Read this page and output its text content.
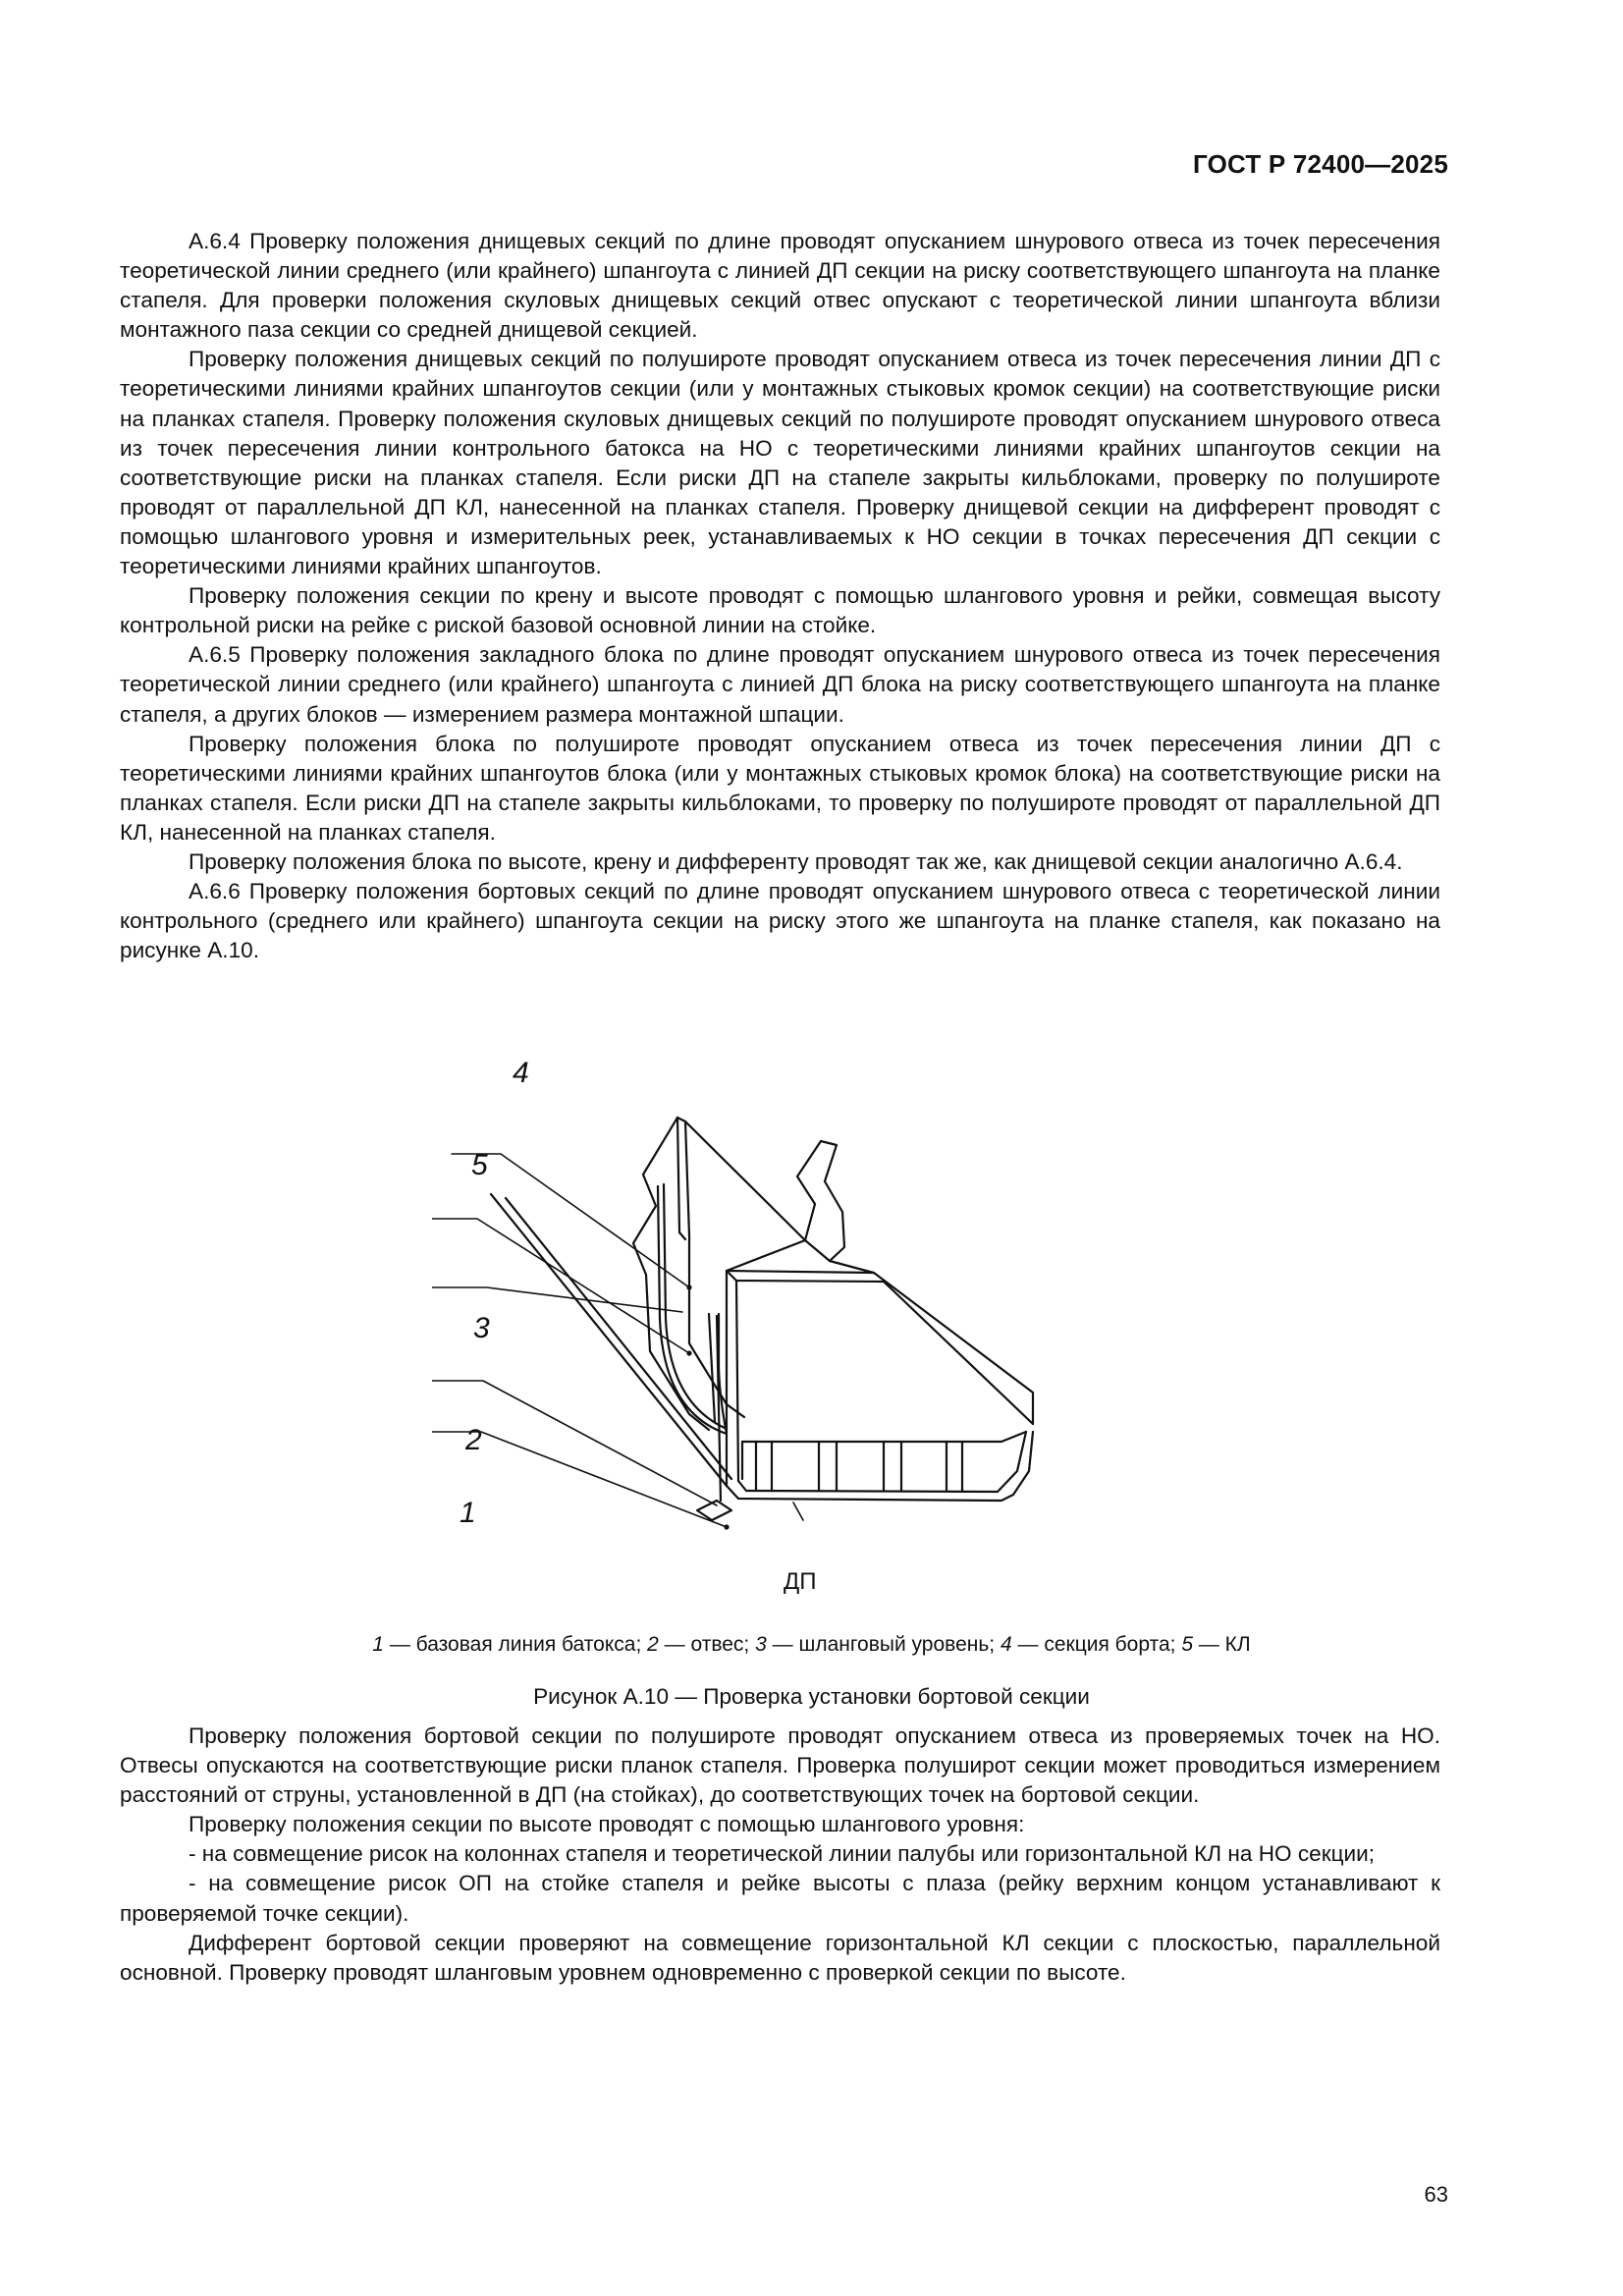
ГОСТ Р 72400—2025

А.6.4 Проверку положения днищевых секций по длине проводят опусканием шнурового отвеса из точек пересечения теоретической линии среднего (или крайнего) шпангоута с линией ДП секции на риску соответствующего шпангоута на планке стапеля. Для проверки положения скуловых днищевых секций отвес опускают с теоретической линии шпангоута вблизи монтажного паза секции со средней днищевой секцией.

Проверку положения днищевых секций по полушироте проводят опусканием отвеса из точек пересечения линии ДП с теоретическими линиями крайних шпангоутов секции (или у монтажных стыковых кромок секции) на соответствующие риски на планках стапеля. Проверку положения скуловых днищевых секций по полушироте проводят опусканием шнурового отвеса из точек пересечения линии контрольного батокса на НО с теоретическими линиями крайних шпангоутов секции на соответствующие риски на планках стапеля. Если риски ДП на стапеле закрыты кильблоками, проверку по полушироте проводят от параллельной ДП КЛ, нанесенной на планках стапеля. Проверку днищевой секции на дифферент проводят с помощью шлангового уровня и измерительных реек, устанавливаемых к НО секции в точках пересечения ДП секции с теоретическими линиями крайних шпангоутов.

Проверку положения секции по крену и высоте проводят с помощью шлангового уровня и рейки, совмещая высоту контрольной риски на рейке с риской базовой основной линии на стойке.

А.6.5 Проверку положения закладного блока по длине проводят опусканием шнурового отвеса из точек пересечения теоретической линии среднего (или крайнего) шпангоута с линией ДП блока на риску соответствующего шпангоута на планке стапеля, а других блоков — измерением размера монтажной шпации.

Проверку положения блока по полушироте проводят опусканием отвеса из точек пересечения линии ДП с теоретическими линиями крайних шпангоутов блока (или у монтажных стыковых кромок блока) на соответствующие риски на планках стапеля. Если риски ДП на стапеле закрыты кильблоками, то проверку по полушироте проводят от параллельной ДП КЛ, нанесенной на планках стапеля.

Проверку положения блока по высоте, крену и дифференту проводят так же, как днищевой секции аналогично А.6.4.

А.6.6 Проверку положения бортовых секций по длине проводят опусканием шнурового отвеса с теоретической линии контрольного (среднего или крайнего) шпангоута секции на риску этого же шпангоута на планке стапеля, как показано на рисунке А.10.

4
5
3
2
1
ДП
1 — базовая линия батокса; 2 — отвес; 3 — шланговый уровень; 4 — секция борта; 5 — КЛ
Рисунок А.10 — Проверка установки бортовой секции

Проверку положения бортовой секции по полушироте проводят опусканием отвеса из проверяемых точек на НО. Отвесы опускаются на соответствующие риски планок стапеля. Проверка полуширот секции может проводиться измерением расстояний от струны, установленной в ДП (на стойках), до соответствующих точек на бортовой секции.

Проверку положения секции по высоте проводят с помощью шлангового уровня:

- на совмещение рисок на колоннах стапеля и теоретической линии палубы или горизонтальной КЛ на НО секции;

- на совмещение рисок ОП на стойке стапеля и рейке высоты с плаза (рейку верхним концом устанавливают к проверяемой точке секции).

Дифферент бортовой секции проверяют на совмещение горизонтальной КЛ секции с плоскостью, параллельной основной. Проверку проводят шланговым уровнем одновременно с проверкой секции по высоте.

63
